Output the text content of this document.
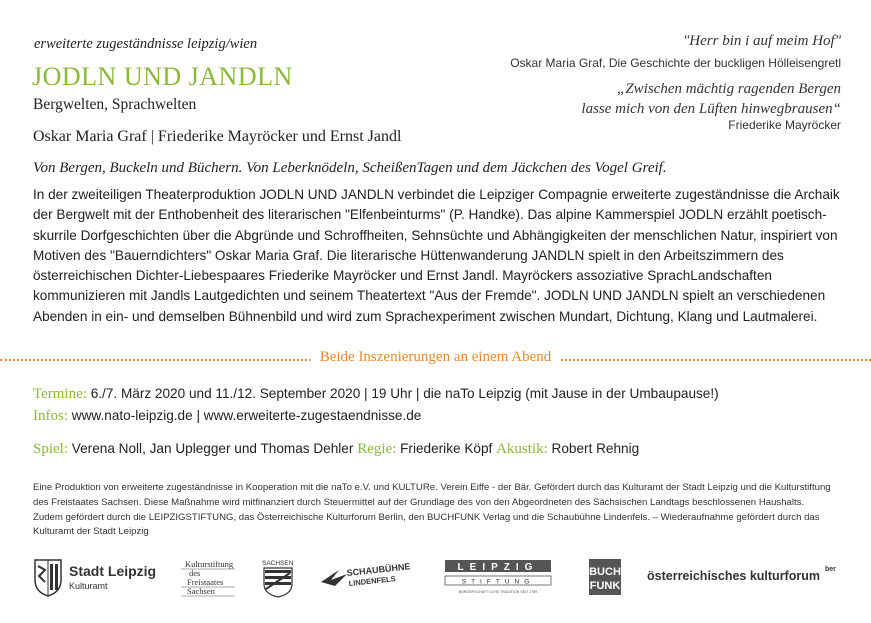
erweiterte zugeständnisse leipzig/wien
JODLN UND JANDLN
Bergwelten, Sprachwelten
Oskar Maria Graf | Friederike Mayröcker und Ernst Jandl
"Herr bin i auf meim Hof"
Oskar Maria Graf, Die Geschichte der buckligen Hölleisengretl
„Zwischen mächtig ragenden Bergen
lasse mich von den Lüften hinwegbrausen“
Friederike Mayröcker
Von Bergen, Buckeln und Büchern. Von Leberknödeln, ScheißenTagen und dem Jäckchen des Vogel Greif.
In der zweiteiligen Theaterproduktion JODLN UND JANDLN verbindet die Leipziger Compagnie erweiterte zugeständnisse die Archaik der Bergwelt mit der Enthobenheit des literarischen "Elfenbeinturms" (P. Handke). Das alpine Kammerspiel JODLN erzählt poetisch-skurrile Dorfgeschichten über die Abgründe und Schroffheiten, Sehnsüchte und Abhängigkeiten der menschlichen Natur, inspiriert von Motiven des "Bauerndichters" Oskar Maria Graf. Die literarische Hüttenwanderung JANDLN spielt in den Arbeitszimmern des österreichischen Dichter-Liebespaares Friederike Mayröcker und Ernst Jandl. Mayröckers assoziative SprachLandschaften kommunizieren mit Jandls Lautgedichten und seinem Theatertext "Aus der Fremde". JODLN UND JANDLN spielt an verschiedenen Abenden in ein- und demselben Bühnenbild und wird zum Sprachexperiment zwischen Mundart, Dichtung, Klang und Lautmalerei.
Beide Inszenierungen an einem Abend
Termine: 6./7. März 2020 und 11./12. September 2020 | 19 Uhr | die naTo Leipzig (mit Jause in der Umbaupause!)
Infos: www.nato-leipzig.de | www.erweiterte-zugestaendnisse.de
Spiel: Verena Noll, Jan Uplegger und Thomas Dehler Regie: Friederike Köpf Akustik: Robert Rehnig
Eine Produktion von erweiterte zugeständnisse in Kooperation mit die naTo e.V. und KULTURe. Verein Eiffe - der Bär. Gefördert durch das Kulturamt der Stadt Leipzig und die Kulturstiftung des Freistaates Sachsen. Diese Maßnahme wird mitfinanziert durch Steuermittel auf der Grundlage des von den Abgeordneten des Sächsischen Landtags beschlossenen Haushalts. Zudem gefördert durch die LEIPZIGSTIFTUNG, das Österreichische Kulturforum Berlin, den BUCHFUNK Verlag und die Schaubühne Lindenfels. – Wiederaufnahme gefördert durch das Kulturamt der Stadt Leipzig
Stadt Leipzig
Kulturamt
Kulturstiftung
des
Freistaates
Sachsen
SACHSEN	SCHAUBÜHNE
LINDENFELS
LEIPZIG
STIFTUNG
BÜRGERSCHAFTLICHE TRADITION SEIT 1789
BUCH
FUNK
österreichisches kulturforum ber
